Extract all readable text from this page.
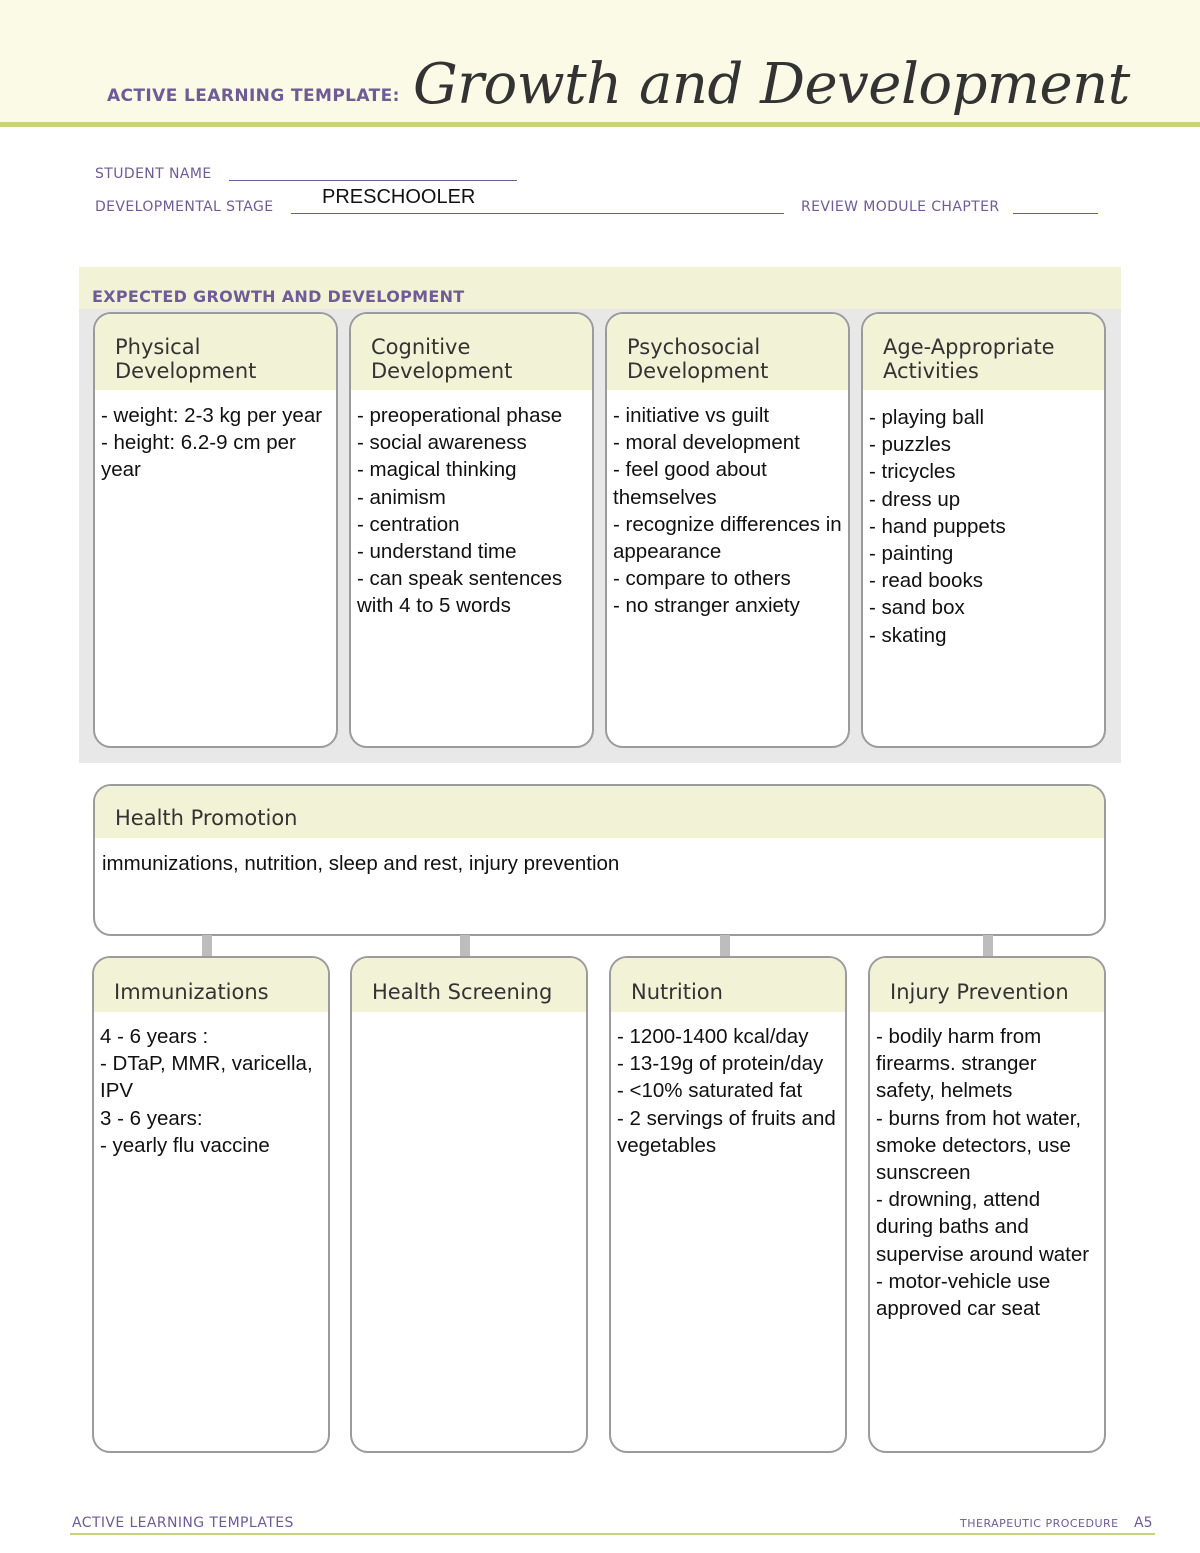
ACTIVE LEARNING TEMPLATE: Growth and Development
STUDENT NAME
DEVELOPMENTAL STAGE PRESCHOOLER	REVIEW MODULE CHAPTER
EXPECTED GROWTH AND DEVELOPMENT
Physical
Development
- weight: 2-3 kg per year
- height: 6.2-9 cm per year
Cognitive
Development
- preoperational phase
- social awareness
- magical thinking
- animism
- centration
- understand time
- can speak sentences with 4 to 5 words
Psychosocial
Development
- initiative vs guilt
- moral development
- feel good about themselves
- recognize differences in appearance
- compare to others
- no stranger anxiety
Age-Appropriate
Activities
- playing ball
- puzzles
- tricycles
- dress up
- hand puppets
- painting
- read books
- sand box
- skating
Health Promotion
immunizations, nutrition, sleep and rest, injury prevention
Immunizations
4 - 6 years :
- DTaP, MMR, varicella, IPV
3 - 6 years:
- yearly flu vaccine
Health Screening	Nutrition
- 1200-1400 kcal/day
- 13-19g of protein/day
- <10% saturated fat
- 2 servings of fruits and vegetables
Injury Prevention
- bodily harm from firearms. stranger safety, helmets
- burns from hot water, smoke detectors, use sunscreen
- drowning, attend during baths and supervise around water
- motor-vehicle use approved car seat
ACTIVE LEARNING TEMPLATES	THERAPEUTIC PROCEDURE A5
